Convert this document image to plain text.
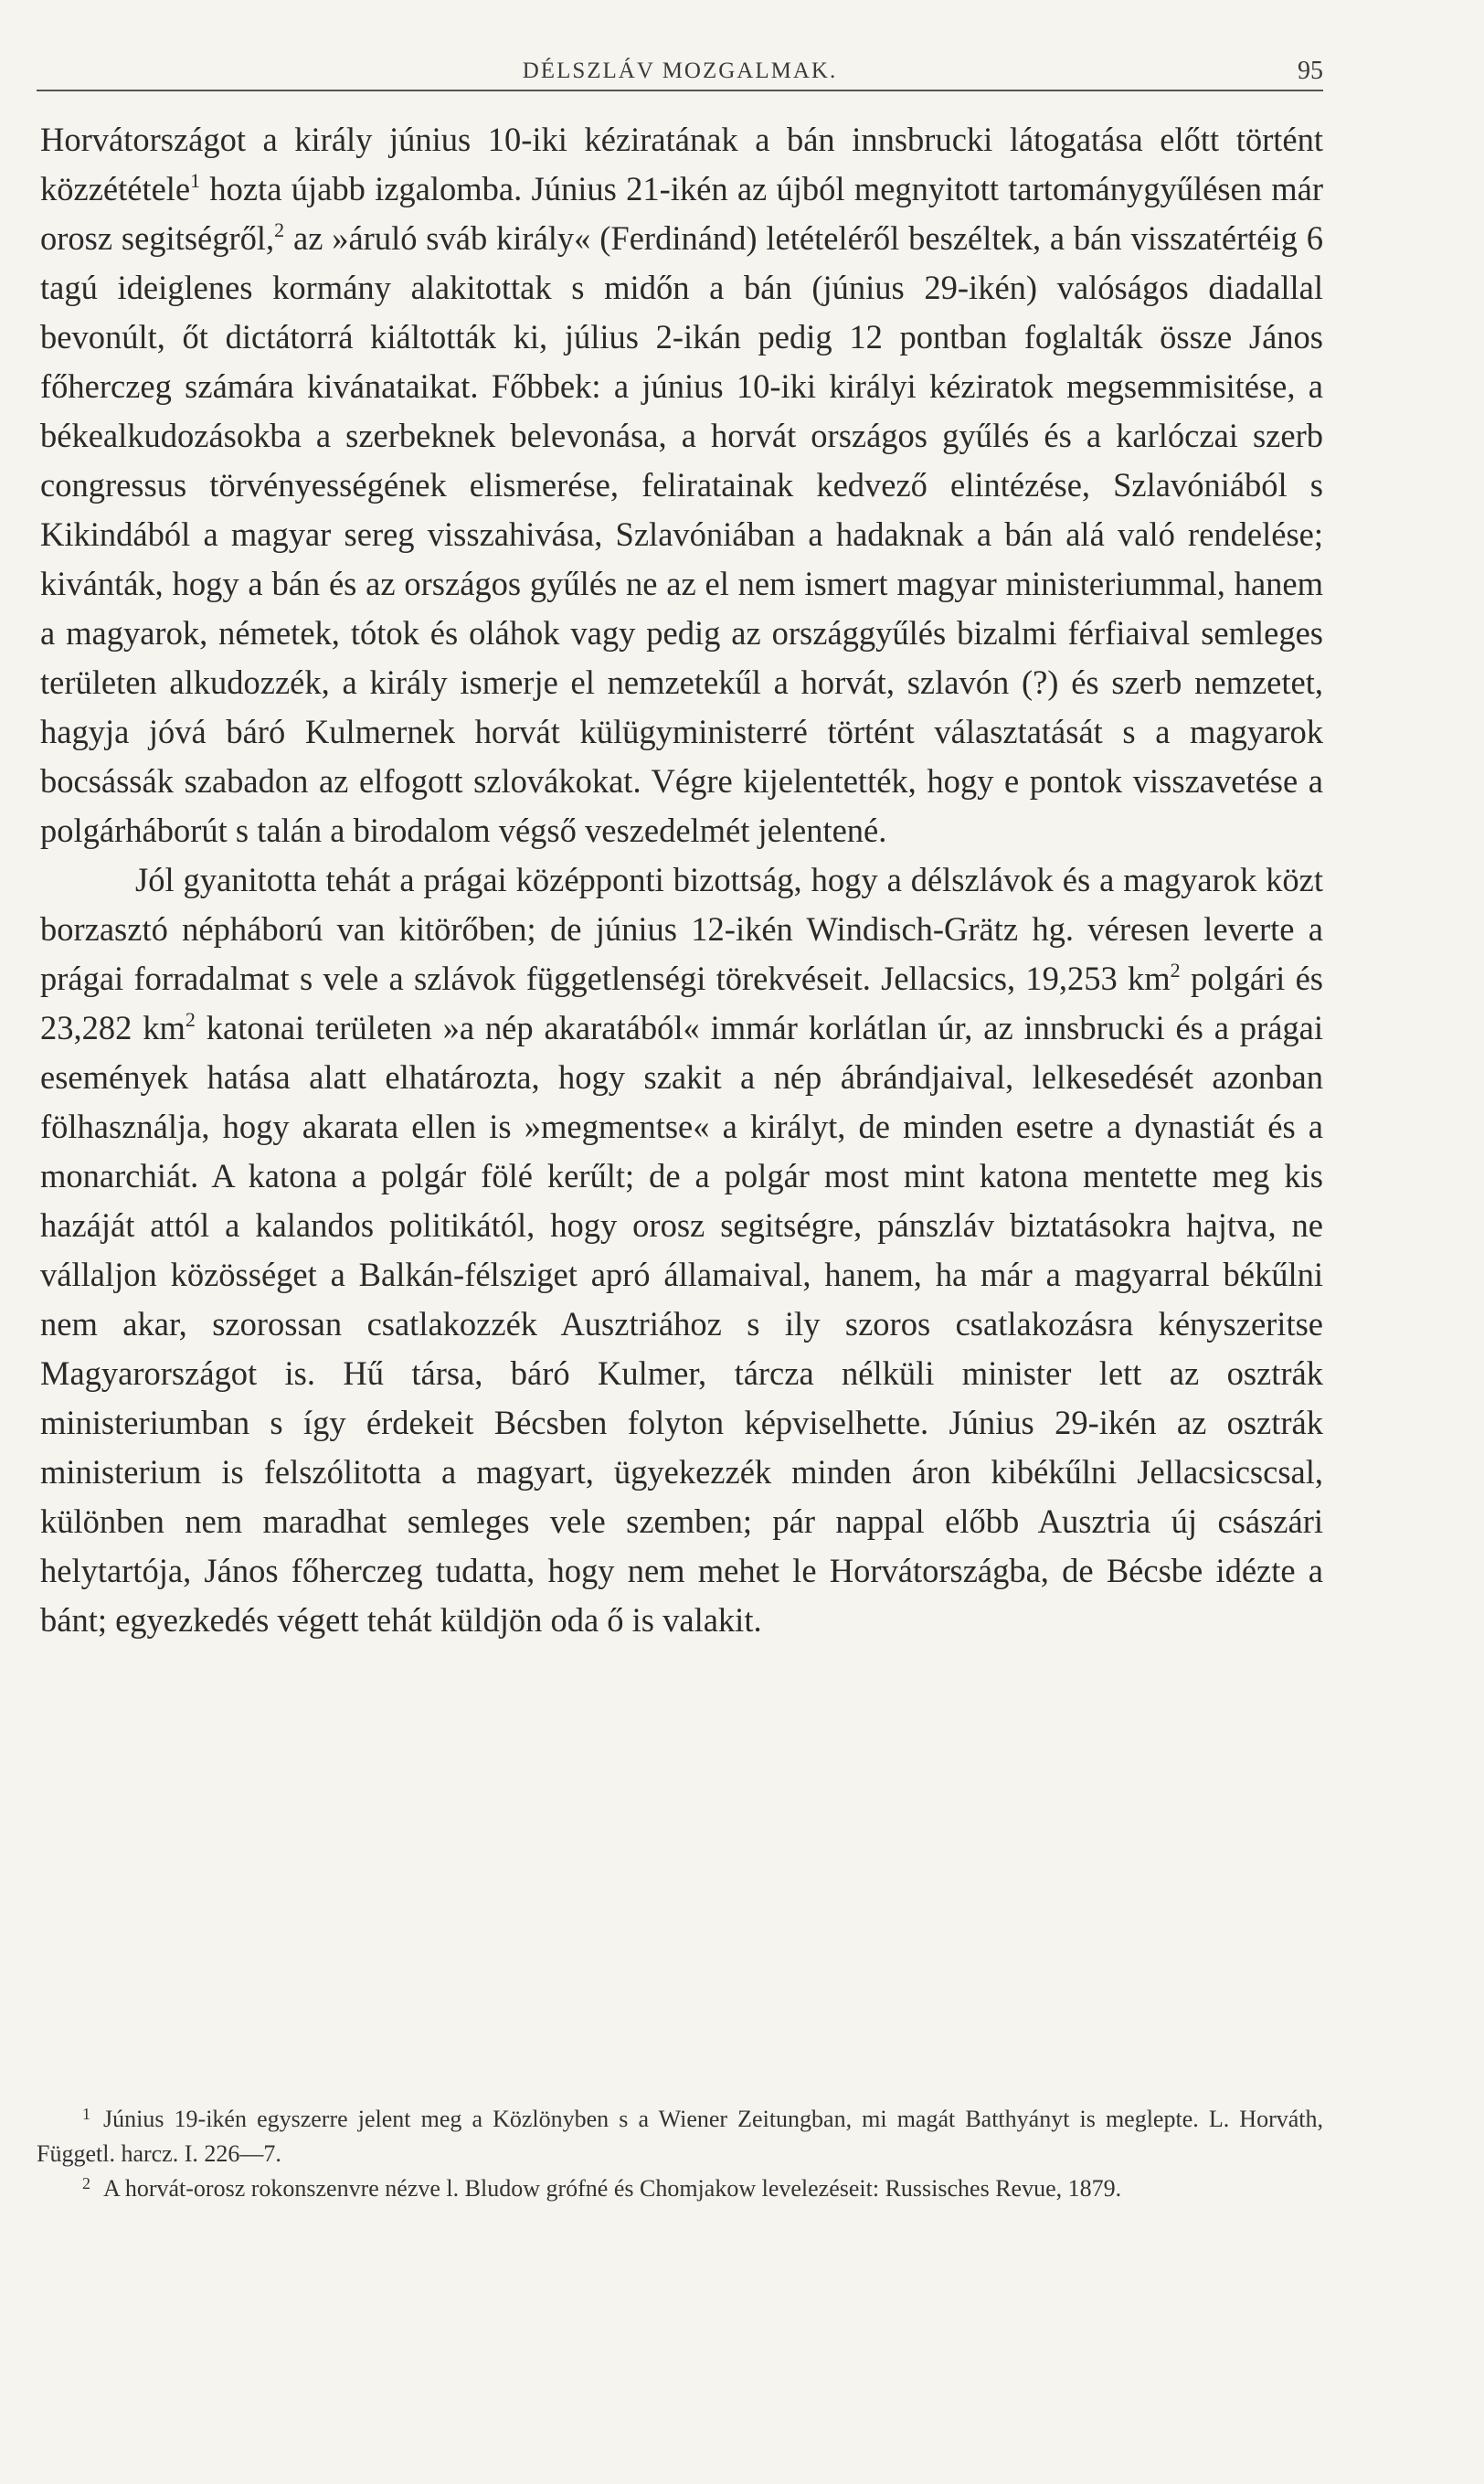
DÉLSZLÁV MOZGALMAK.	95

Horvátországot a király június 10-iki kéziratának a bán innsbrucki látogatása előtt történt közzététele$^1$ hozta újabb izgalomba. Június 21-ikén az újból megnyitott tartománygyűlésen már orosz segitségről,$^2$ az »áruló sváb király« (Ferdinánd) letételéről beszéltek, a bán visszatértéig 6 tagú ideiglenes kormány alakitottak s midőn a bán (június 29-ikén) valóságos diadallal bevonúlt, őt dictátorrá kiáltották ki, július 2-ikán pedig 12 pontban foglalták össze János főherczeg számára kivánataikat. Főbbek: a június 10-iki királyi kéziratok megsemmisitése, a békealkudozásokba a szerbeknek belevonása, a horvát országos gyűlés és a karlóczai szerb congressus törvényességének elismerése, feliratainak kedvező elintézése, Szlavóniából s Kikindából a magyar sereg visszahivása, Szlavóniában a hadaknak a bán alá való rendelése; kivánták, hogy a bán és az országos gyűlés ne az el nem ismert magyar ministeriummal, hanem a magyarok, németek, tótok és oláhok vagy pedig az országgyűlés bizalmi férfiaival semleges területen alkudozzék, a király ismerje el nemzetekűl a horvát, szlavón (?) és szerb nemzetet, hagyja jóvá báró Kulmernek horvát külügyministerré történt választatását s a magyarok bocsássák szabadon az elfogott szlovákokat. Végre kijelentették, hogy e pontok visszavetése a polgárháborút s talán a birodalom végső veszedelmét jelentené.

Jól gyanitotta tehát a prágai középponti bizottság, hogy a délszlávok és a magyarok közt borzasztó népháború van kitörőben; de június 12-ikén Windisch-Grätz hg. véresen leverte a prágai forradalmat s vele a szlávok függetlenségi törekvéseit. Jellacsics, 19,253 km$^2$ polgári és 23,282 km$^2$ katonai területen »a nép akaratából« immár korlátlan úr, az innsbrucki és a prágai események hatása alatt elhatározta, hogy szakit a nép ábrándjaival, lelkesedését azonban fölhasználja, hogy akarata ellen is »megmentse« a királyt, de minden esetre a dynastiát és a monarchiát. A katona a polgár fölé kerűlt; de a polgár most mint katona mentette meg kis hazáját attól a kalandos politikától, hogy orosz segitségre, pánszláv biztatásokra hajtva, ne vállaljon közösséget a Balkán-félsziget apró államaival, hanem, ha már a magyarral békűlni nem akar, szorossan csatlakozzék Ausztriához s ily szoros csatlakozásra kényszeritse Magyarországot is. Hű társa, báró Kulmer, tárcza nélküli minister lett az osztrák ministeriumban s így érdekeit Bécsben folyton képviselhette. Június 29-ikén az osztrák ministerium is felszólitotta a magyart, ügyekezzék minden áron kibékűlni Jellacsicscsal, különben nem maradhat semleges vele szemben; pár nappal előbb Ausztria új császári helytartója, János főherczeg tudatta, hogy nem mehet le Horvátországba, de Bécsbe idézte a bánt; egyezkedés végett tehát küldjön oda ő is valakit.

$^1$ Június 19-ikén egyszerre jelent meg a Közlönyben s a Wiener Zeitungban, mi magát Batthyányt is meglepte. L. Horváth, Függetl. harcz. I. 226—7.

$^2$ A horvát-orosz rokonszenvre nézve l. Bludow grófné és Chomjakow levelezéseit: Russisches Revue, 1879.
